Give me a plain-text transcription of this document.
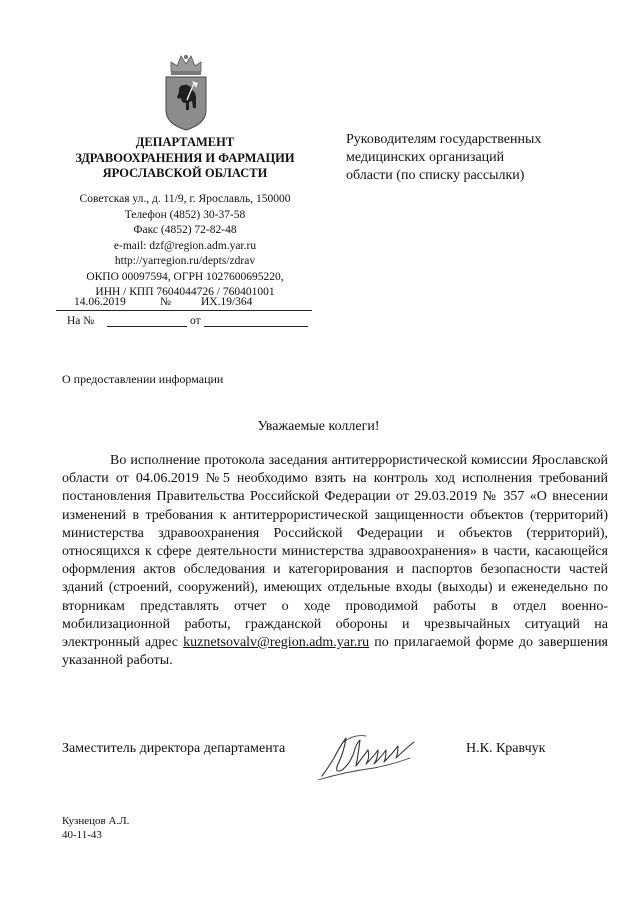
ДЕПАРТАМЕНТ
ЗДРАВООХРАНЕНИЯ И ФАРМАЦИИ
ЯРОСЛАВСКОЙ ОБЛАСТИ
Советская ул., д. 11/9, г. Ярославль, 150000
Телефон (4852) 30-37-58
Факс (4852) 72-82-48
e-mail: dzf@region.adm.yar.ru
http://yarregion.ru/depts/zdrav
ОКПО 00097594, ОГРН 1027600695220,
ИНН / КПП 7604044726 / 760401001
14.06.2019	№	ИХ.19/364
На №	от
Руководителям государственных
медицинских организаций
области (по списку рассылки)
О предоставлении информации
Уважаемые коллеги!
Во исполнение протокола заседания антитеррористической комиссии Ярославской области от 04.06.2019 №5 необходимо взять на контроль ход исполнения требований постановления Правительства Российской Федерации от 29.03.2019 № 357 «О внесении изменений в требования к антитеррористической защищенности объектов (территорий) министерства здравоохранения Российской Федерации и объектов (территорий), относящихся к сфере деятельности министерства здравоохранения» в части, касающейся оформления актов обследования и категорирования и паспортов безопасности частей зданий (строений, сооружений), имеющих отдельные входы (выходы) и еженедельно по вторникам представлять отчет о ходе проводимой работы в отдел военно-мобилизационной работы, гражданской обороны и чрезвычайных ситуаций на электронный адрес kuznetsovalv@region.adm.yar.ru по прилагаемой форме до завершения указанной работы.
Заместитель директора департамента	Н.К. Кравчук
Кузнецов А.Л.
40-11-43
